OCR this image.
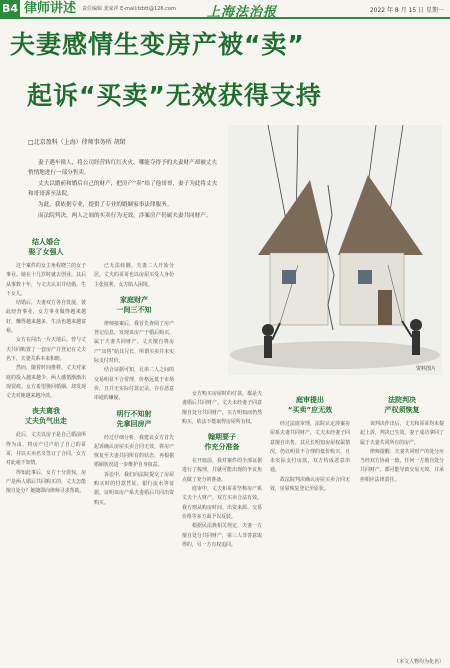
B4 律师讲述 责任编辑 龚家祥 E-mail:fzbtt@126.com 上海法治报	2022 年 8 月 15 日 星期一
夫妻感情生变房产被“卖”
起诉“买卖”无效获得支持
□北京盈科（上海）律师事务所 胡珺

妻子遇车撞人，将公司经营转红红火火，哪能夺得予的夫妻财产却被丈夫悄悄地进行一部分售卖。

丈夫以婚前和婚后自己的财产，把房产“卖”给了他哥哥，妻子为此将丈夫和哥哥诉至法院。

为此，我依据专业，提供了专业的婚姻家事法律服务。

而法院判决，两人之间的买卖行为无效，涉案房产仍属夫妻共同财产。

资料图片
结人婚合
娶了女强人

这个案件的女主角程晓兰的女子事业。她在十几岁时就去创业，其后从事数十年，与丈夫认识并结婚，生下女儿。

结婚后，夫妻双方各自发展，彼此经营事业，女方事业做得越来越好，赚得越来越多，生活也越来越富裕。

女方在闯出一片天地后，曾与丈夫共同购置了一套房产并登记在丈夫名下，夫妻关系本来和睦。

然而，随着时间推移，丈夫对家庭的投入越来越少，两人感情渐渐出现裂痕。女方希望挽回婚姻，却发现丈夫对她越来越冷淡。

丧夫离我
丈夫负气出走

此后，丈夫以房子是自己婚前所得为由，将房产过户给了自己的哥哥，并以买卖名义签订了合同，女方对此毫不知情。

得知此事后，女方十分震惊，房产是两人婚后共同购买的，丈夫怎能擅自处分？她随即向律师寻求帮助。

已无法转圜，夫妻二人开始分居。丈夫的哥哥也以房屋买受人身份主张权利，女方陷入困境。

家庭财产
一间三不知

律师接案后，我首先查阅了房产登记信息，发现该房产于婚后购买，属于夫妻共同财产。丈夫擅自将房产“出售”给其兄长，所谓买卖并未实际支付对价。

结合证据可知，兄弟二人之间的交易明显不合常理，价格远低于市场价，且并无实际付款记录，存在恶意串通的嫌疑。

明行不知射
先拿回房产

经过仔细分析，我建议女方首先起诉确认房屋买卖合同无效，将房产恢复至夫妻共同所有的状态，再根据婚姻状况进一步维护自身权益。

诉讼中，我们向法院提交了房屋购买时的付款凭证、银行流水等证据，证明该房产系夫妻婚后共同出资购买。

女方购买房屋时的付款，都是夫妻婚后共同财产。丈夫未经妻子同意擅自处分共同财产，买方明知而仍然购买，依法不能取得房屋所有权。

翰期要子
作充分准备

在开庭前，我对案件的全部证据进行了梳理，并就可能出现的争议焦点做了充分的准备。

庭审中，丈夫和哥哥坚称房产系丈夫个人财产，双方买卖合法有效。我方则从购房时间、出资来源、交易价格等多方面予以反驳。

根据民法典相关规定，夫妻一方擅自处分共同财产，第三人非善意取得的，另一方有权追回。

庭审提出
“买卖”应无效

经过法庭审理，法院认定涉案房屋系夫妻共同财产，丈夫未经妻子同意擅自出售，其兄长明知房屋权属情况，仍以明显不合理的低价购买，且未实际支付房款，双方构成恶意串通。

故法院判决确认房屋买卖合同无效，房屋恢复登记至原状。

法院判决
产权须恢复

该判决作出后，丈夫和哥哥均未提起上诉，判决已生效。妻子成功拿回了属于夫妻共同所有的房产。

律师提醒：夫妻共同财产的处分应当经双方协商一致，任何一方擅自处分共同财产，都可能导致交易无效，并承担相应法律责任。

（本文人物均为化名）
